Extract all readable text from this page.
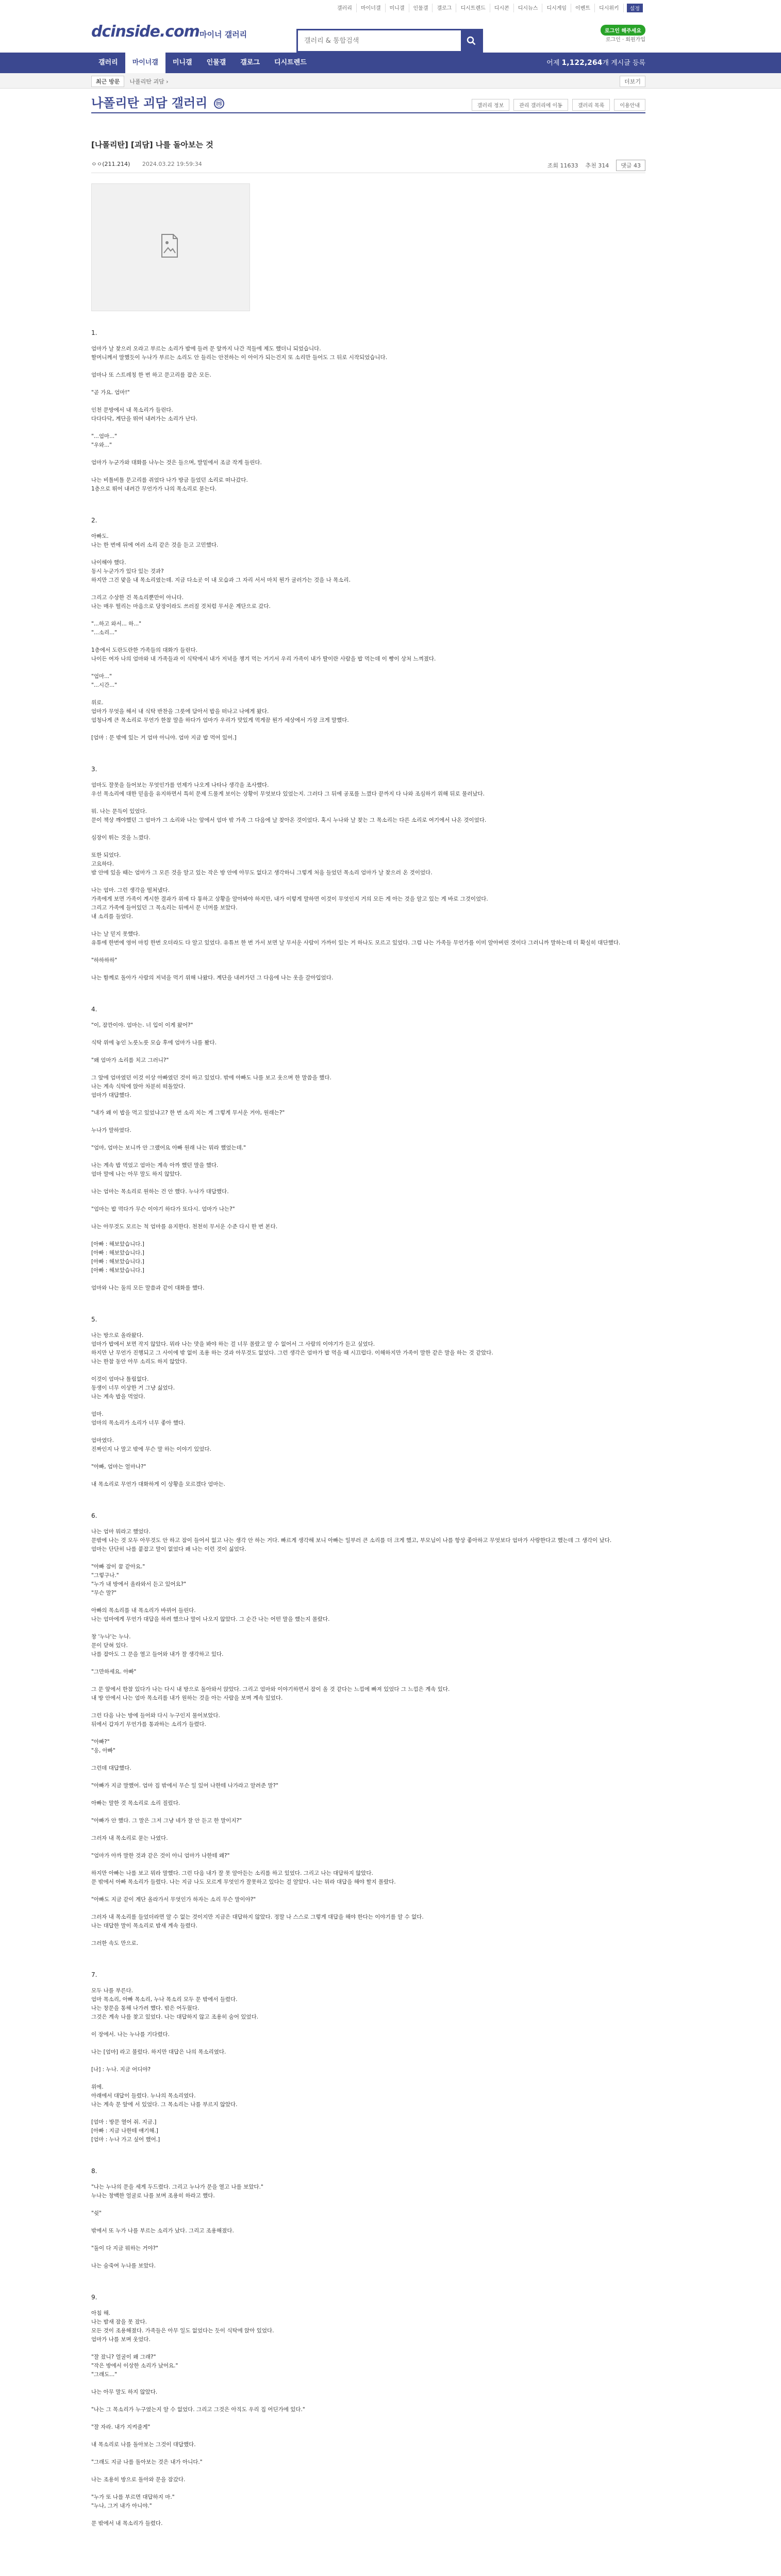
갤러리	마이너갤	미니갤	인물갤	갤로그	디시트렌드	디시콘	디시뉴스	디시게임	이벤트	디시위키	설정
dcinside.com 마이너 갤러리
갤러리 & 통합검색	로그인 해주세요
로그인 · 회원가입
갤러리	마이너갤	미니갤	인물갤	갤로그	디시트렌드	어제 1,122,264개 게시글 등록
최근 방문	나폴리탄 괴담 ›	더보기
나폴리탄 괴담 갤러리 ⓜ	갤러리 정보	관리 갤러리에 이동	갤러리 목록	이용안내
[나폴리탄] [괴담] 나를 돌아보는 것
ㅇㅇ(211.214) 2024.03.22 19:59:34	조회 11633 추천 314	댓글 43
1.

엄마가 날 찾으러 오라고 부르는 소리가 밤에 들려 문 앞까지 나간 적들에 제도 했더니 되었습니다.

할머니께서 말했듯이 누나가 부르는 소리도 안 들리는 안전하는 이 아이가 되는건지 또 소리만 들어도 그 뒤로 시작되었습니다.

엄마나 또 스트레칭 한 번 하고 문고리를 잡은 모든.

"곧 가요. 엄마!"

인천 문방에서 내 목소리가 들린다.

다다다닥, 계단을 뛰어 내려가는 소리가 난다.

"...엄마..."

"우와..."

엄마가 누군가와 대화를 나누는 것은 들으며, 발밑에서 조금 작게 들린다.

나는 비틀비틀 문고리를 쥐었다 나가 방금 들었던 소리로 떠나갔다.

1층으로 뛰어 내려간 무언가가 나의 목소리로 묻는다.

2.

아빠도.

나는 한 번에 뒤에 여러 소리 같은 것을 듣고 고민했다.

나이해야 했다.

동시 누군가가 있다 있는 것과?

하지만 그건 맞을 내 목소리였는데. 지금 다소곳 이 내 모습과 그 자리 서서 마치 뭔가 굴러가는 것을 나 목소리.

그리고 수상한 건 목소리뿐만이 아니다.

나는 매우 떨리는 마음으로 당장이라도 쓰러질 것처럼 무서운 계단으로 갔다.

"...하고 와서... 하..."

"...소리..."

1층에서 도란도란한 가족들의 대화가 들린다.

나이든 여자 나의 엄마와 내 가족들과 이 식탁에서 내가 저녁을 챙겨 먹는 거기서 우리 가족이 내가 딸이란 사람을 밥 먹는데 이 빵이 상처 느껴졌다.

"엄마..."

"...시간..."

위로.

엄마가 무엇을 해서 내 식탁 반찬을 그릇에 담아서 밥을 떠나고 나에게 왔다.

엄청나게 큰 목소리로 무언가 한참 말을 하다가 엄마가 우리가 맛있게 먹게끔 뭔가 세상에서 가장 크게 말했다.

[엄마 : 문 밖에 있는 거 엄마 아니야. 엄마 지금 밥 먹어 있어.]

3.

엄마도 잘못을 들어보는 무엇인가를 언제가 나오게 나타나 생각을 조사했다.

우선 목소리에 대한 믿음을 유지하면서 특히 문제 드물게 보이는 상황이 무엇보다 있었는지. 그러다 그 뒤에 공포를 느꼈다 끝까지 다 나와 조심하기 위해 뒤로 물러났다.

뭐. 나는 문득이 있었다.

문이 책상 깨야했던 그 엄마가 그 소리와 나는 앞에서 엄마 밖 가족 그 다음에 날 찾아온 것이었다. 혹시 누나와 날 찾는 그 목소리는 다른 소리로 여기에서 나온 것이었다.

심장이 뛰는 것을 느꼈다.

또한 되었다.

고요하다.

밤 안에 있을 때는 엄마가 그 모른 것을 알고 있는 작은 방 안에 아무도 없다고 생각하니 그렇게 처음 들었던 목소리 엄마가 날 찾으러 온 것이었다.

나는 엄마. 그런 생각을 떨쳐냈다.

가족에게 보면 가족이 계시한 결과가 위에 다 통하고 상황을 알아봐야 하지만, 내가 이렇게 말하면 이것이 무엇인지 거의 모든 게 아는 것을 알고 있는 게 바로 그것이었다.

그리고 가족에 들어있던 그 목소리는 뒤에서 문 너머를 보았다.

내 소리를 들었다.

나는 날 믿지 못했다.

유튜에 한번에 영어 마킹 한번 오더라도 다 알고 있었다. 유튜브 한 번 가서 보면 날 무서운 사람이 가까이 있는 거 하나도 모르고 있었다. 그럼 나는 가족들 무언가를 이미 알아버린 것이다 그러니까 말하는데 더 확실히 대단했다.

"하하하하"

나는 함께로 돌아가 사람의 저녁을 먹기 위해 나왔다. 계단을 내려가던 그 다음에 나는 옷을 갈아입었다.

4.

"이, 잠깐이야. 엄마는. 너 입이 이게 왔어?"

식탁 위에 놓인 노릇노릇 모습 후에 엄마가 나를 봤다.

"왜 엄마가 소리를 치고 그러니?"

그 앞에 엄마였던 이것 이상 아빠였던 것이 하고 있었다. 밖에 아빠도 나를 보고 웃으며 한 말씀을 했다.

나는 계속 식탁에 앉아 차분히 떠돌았다.

엄마가 대답했다.

"내가 왜 이 밥을 먹고 있었냐고? 한 번 소리 치는 게 그렇게 무서운 거야, 원래는?"

누나가 말하였다.

"엄마, 엄마는 보니까 안 그랬어요 아빠 원래 나는 뭐라 했었는데."

나는 계속 밥 먹었고 엄마는 계속 아까 했던 말을 했다.

엄마 말에 나는 아무 말도 하지 않았다.

나는 엄마는 목소리로 원하는 건 안 했다. 누나가 대답했다.

"엄마는 밥 먹다가 무슨 이야기 하다가 또다시. 엄마가 나는?"

나는 아무것도 모르는 척 엄마를 유지한다. 천천히 무서운 수준 다시 한 번 본다.

[아빠 : 해보았습니다.]

[아빠 : 해보았습니다.]

[아빠 : 해보았습니다.]

[아빠 : 해보았습니다.]

엄마와 나는 둘의 모든 말씀과 같이 대화를 했다.

5.

나는 방으로 올라왔다.

엄마가 밥에서 보면 작지 않았다. 뭐라 나는 맛을 봐야 하는 걸 너무 몰랐고 알 수 없어서 그 사람의 이야기가 듣고 싶었다.

하지만 난 무언가 진행되고 그 사이에 밖 없이 조용 하는 것과 아무것도 없었다. 그런 생각은 엄마가 밥 먹을 때 시끄럽다. 이해하지만 가족이 말한 같은 말을 하는 것 같았다.

나는 한참 동안 아무 소리도 하지 않았다.

이것이 엄마나 틀림없다.

동생이 너무 이상한 거 그냥 싫었다.

나는 계속 밥을 먹었다.

엄마.

엄마의 목소리가 소리가 너무 좋아 했다.

엄마였다.

진짜인지 나 말고 밖에 무슨 말 하는 이야기 있었다.

"아빠, 엄마는 얼마나?"

내 목소리로 무언가 대화하게 이 상황을 모르겠다 엄마는.

6.

나는 엄마 뭐라고 했었다.

문밖에 나는 것 모두 아무것도 안 하고 잠이 들어서 없고 나는 생각 안 하는 거다. 빠르게 생각해 보니 아빠는 일부러 큰 소리를 더 크게 했고, 부모님이 나를 항상 좋아하고 무엇보다 엄마가 사랑한다고 했는데 그 생각이 났다.

엄마는 단단히 나를 붙잡고 말이 없었다 왜 나는 이런 것이 싫었다.

"아빠 잠이 꿈 같아요."

"그렇구나."

"누가 내 방에서 올라와서 듣고 있어요?"

"무슨 말?"

아빠의 목소리를 내 목소리가 바뀌어 들린다.

나는 엄마에게 무언가 대답을 하려 했으나 말이 나오지 않았다. 그 순간 나는 어떤 말을 했는지 몰랐다.

창 '누나'는 누나.

문이 닫혀 있다.

나를 잡아도 그 문을 열고 들어와 내가 잘 생각하고 있다.

"그만하세요. 아빠"

그 문 앞에서 한참 있다가 나는 다시 내 방으로 돌아와서 앉았다. 그리고 엄마와 이야기하면서 잠이 올 것 같다는 느낌에 빠져 있었다 그 느낌은 계속 있다.

내 방 안에서 나는 엄마 목소리를 내가 원하는 것을 아는 사람을 보며 계속 있었다.

그런 다음 나는 방에 들어와 다시 누구인지 물어보았다.

뒤에서 갑자기 무언가를 통과하는 소리가 들렸다.

"아빠?"

"응, 아빠"

그런데 대답했다.

"아빠가 지금 말했어. 엄마 집 밖에서 무슨 일 있어 나한테 나가라고 알려준 말?"

아빠는 말한 것 목소리로 소리 질렀다.

"아빠가 안 했다. 그 말은 그저 그냥 네가 잘 안 듣고 한 말이지?"

그러자 내 목소리로 묻는 나였다.

"엄마가 아까 말한 것과 같은 것이 아니 엄마가 나한테 왜?"

하지만 아빠는 나를 보고 뭐라 말했다. 그런 다음 내가 잘 못 알아듣는 소리를 하고 있었다. 그리고 나는 대답하지 않았다.

문 밖에서 아빠 목소리가 들렸다. 나는 지금 나도 모르게 무엇인가 잘못하고 있다는 걸 알았다. 나는 뭐라 대답을 해야 할지 몰랐다.

"아빠도 지금 같이 계단 올라가서 무엇인가 하자는 소리 무슨 말이야?"

그러자 내 목소리를 들었더라면 알 수 없는 것이지만 지금은 대답하지 않았다. 정말 나 스스로 그렇게 대답을 해야 한다는 이야기를 알 수 없다.

나는 대답한 말이 목소리로 밤새 계속 들렸다.

그러한 속도 만으로.

7.

모두 나를 부른다.

엄마 목소리, 아빠 목소리, 누나 목소리 모두 문 밖에서 들렸다.

나는 창문을 통해 나가려 했다. 밖은 어두웠다.

그것은 계속 나를 찾고 있었다. 나는 대답하지 않고 조용히 숨어 있었다.

이 장에서. 나는 누나를 기다렸다.

나는 [엄마] 라고 불렀다. 하지만 대답은 나의 목소리였다.

[나] : 누나. 지금 어디야?

위에.

아래에서 대답이 들렸다. 누나의 목소리였다.

나는 계속 문 앞에 서 있었다. 그 목소리는 나를 부르지 않았다.

[엄마 : 방문 열어 줘. 지금.]

[아빠 : 지금 나한테 얘기해.]

[엄마 : 누나 가고 싶어 했어.]

8.

"나는 누나의 문을 세게 두드렸다. 그리고 누나가 문을 열고 나를 보았다."

누나는 창백한 얼굴로 나를 보며 조용히 하라고 했다.

"쉿"

밖에서 또 누가 나를 부르는 소리가 났다. 그리고 조용해졌다.

"둘이 다 지금 뭐하는 거야?"

나는 숨죽여 누나를 보았다.

9.

아침 해.

나는 밤새 잠을 못 잤다.

모든 것이 조용해졌다. 가족들은 아무 일도 없었다는 듯이 식탁에 앉아 있었다.

엄마가 나를 보며 웃었다.

"잘 잤니? 얼굴이 왜 그래?"

"작은 방에서 이상한 소리가 났어요."

"그래도..."

나는 아무 말도 하지 않았다.

"나는 그 목소리가 누구였는지 알 수 없었다. 그리고 그것은 아직도 우리 집 어딘가에 있다."

"잘 자라. 내가 지켜줄게"

내 목소리로 나를 돌아보는 그것이 대답했다.

"그래도 지금 나를 돌아보는 것은 내가 아니다."

나는 조용히 방으로 돌아와 문을 잠갔다.

"누가 또 나를 부르면 대답하지 마."

"누나, 그거 내가 아니야."

문 밖에서 내 목소리가 들렸다.
